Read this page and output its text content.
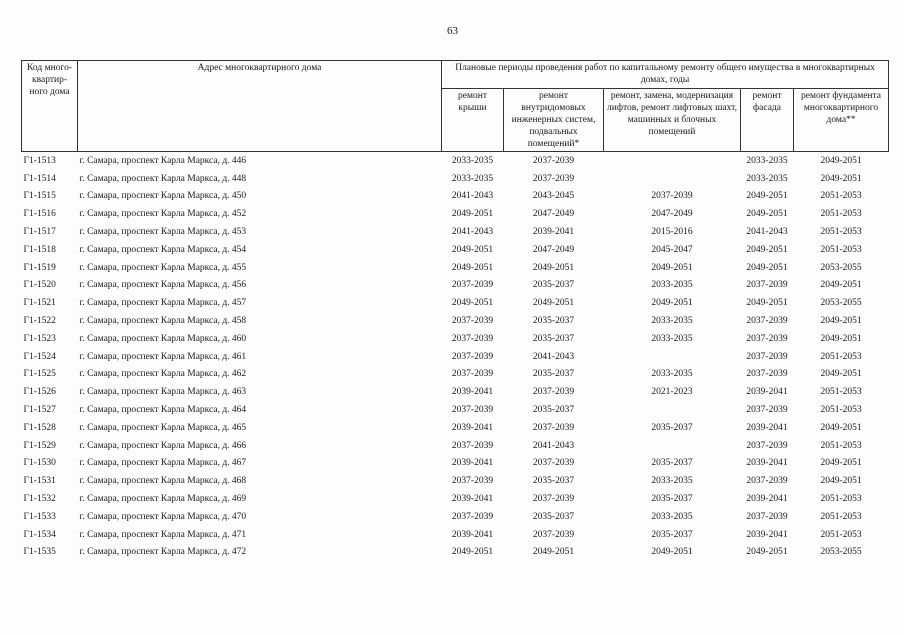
63
Код много-квартир-ного дома	Адрес многоквартирного дома	Плановые периоды проведения работ по капитальному ремонту общего имущества в многоквартирных домах, годы				
		ремонт крыши	ремонт внутридомовых инженерных систем, подвальных помещений*	ремонт, замена, модернизация лифтов, ремонт лифтовых шахт, машинных и блочных помещений	ремонт фасада	ремонт фундамента многоквартирного дома**
Г1-1513	г. Самара, проспект Карла Маркса, д. 446	2033-2035	2037-2039		2033-2035	2049-2051
Г1-1514	г. Самара, проспект Карла Маркса, д. 448	2033-2035	2037-2039		2033-2035	2049-2051
Г1-1515	г. Самара, проспект Карла Маркса, д. 450	2041-2043	2043-2045	2037-2039	2049-2051	2051-2053
Г1-1516	г. Самара, проспект Карла Маркса, д. 452	2049-2051	2047-2049	2047-2049	2049-2051	2051-2053
Г1-1517	г. Самара, проспект Карла Маркса, д. 453	2041-2043	2039-2041	2015-2016	2041-2043	2051-2053
Г1-1518	г. Самара, проспект Карла Маркса, д. 454	2049-2051	2047-2049	2045-2047	2049-2051	2051-2053
Г1-1519	г. Самара, проспект Карла Маркса, д. 455	2049-2051	2049-2051	2049-2051	2049-2051	2053-2055
Г1-1520	г. Самара, проспект Карла Маркса, д. 456	2037-2039	2035-2037	2033-2035	2037-2039	2049-2051
Г1-1521	г. Самара, проспект Карла Маркса, д. 457	2049-2051	2049-2051	2049-2051	2049-2051	2053-2055
Г1-1522	г. Самара, проспект Карла Маркса, д. 458	2037-2039	2035-2037	2033-2035	2037-2039	2049-2051
Г1-1523	г. Самара, проспект Карла Маркса, д. 460	2037-2039	2035-2037	2033-2035	2037-2039	2049-2051
Г1-1524	г. Самара, проспект Карла Маркса, д. 461	2037-2039	2041-2043		2037-2039	2051-2053
Г1-1525	г. Самара, проспект Карла Маркса, д. 462	2037-2039	2035-2037	2033-2035	2037-2039	2049-2051
Г1-1526	г. Самара, проспект Карла Маркса, д. 463	2039-2041	2037-2039	2021-2023	2039-2041	2051-2053
Г1-1527	г. Самара, проспект Карла Маркса, д. 464	2037-2039	2035-2037		2037-2039	2051-2053
Г1-1528	г. Самара, проспект Карла Маркса, д. 465	2039-2041	2037-2039	2035-2037	2039-2041	2049-2051
Г1-1529	г. Самара, проспект Карла Маркса, д. 466	2037-2039	2041-2043		2037-2039	2051-2053
Г1-1530	г. Самара, проспект Карла Маркса, д. 467	2039-2041	2037-2039	2035-2037	2039-2041	2049-2051
Г1-1531	г. Самара, проспект Карла Маркса, д. 468	2037-2039	2035-2037	2033-2035	2037-2039	2049-2051
Г1-1532	г. Самара, проспект Карла Маркса, д. 469	2039-2041	2037-2039	2035-2037	2039-2041	2051-2053
Г1-1533	г. Самара, проспект Карла Маркса, д. 470	2037-2039	2035-2037	2033-2035	2037-2039	2051-2053
Г1-1534	г. Самара, проспект Карла Маркса, д. 471	2039-2041	2037-2039	2035-2037	2039-2041	2051-2053
Г1-1535	г. Самара, проспект Карла Маркса, д. 472	2049-2051	2049-2051	2049-2051	2049-2051	2053-2055
